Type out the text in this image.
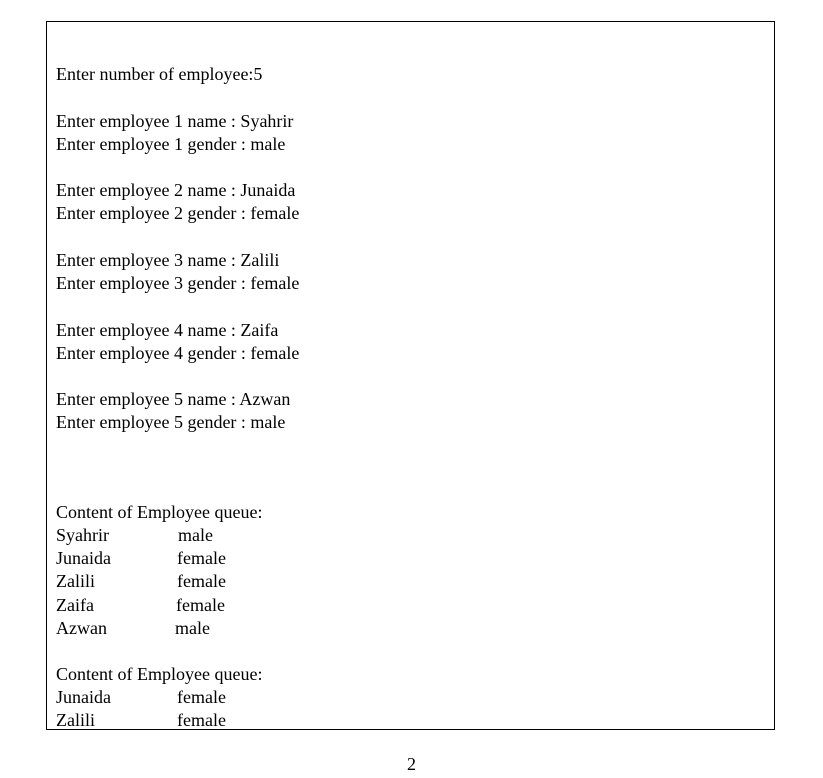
Enter number of employee:5
Enter employee 1 name : Syahrir
Enter employee 1 gender : male
Enter employee 2 name : Junaida
Enter employee 2 gender : female
Enter employee 3 name : Zalili
Enter employee 3 gender : female
Enter employee 4 name : Zaifa
Enter employee 4 gender : female
Enter employee 5 name : Azwan
Enter employee 5 gender : male
Content of Employee queue:
Syahrir	male
Junaida	female
Zalili	female
Zaifa	female
Azwan	male
Content of Employee queue:
Junaida	female
Zalili	female
2
